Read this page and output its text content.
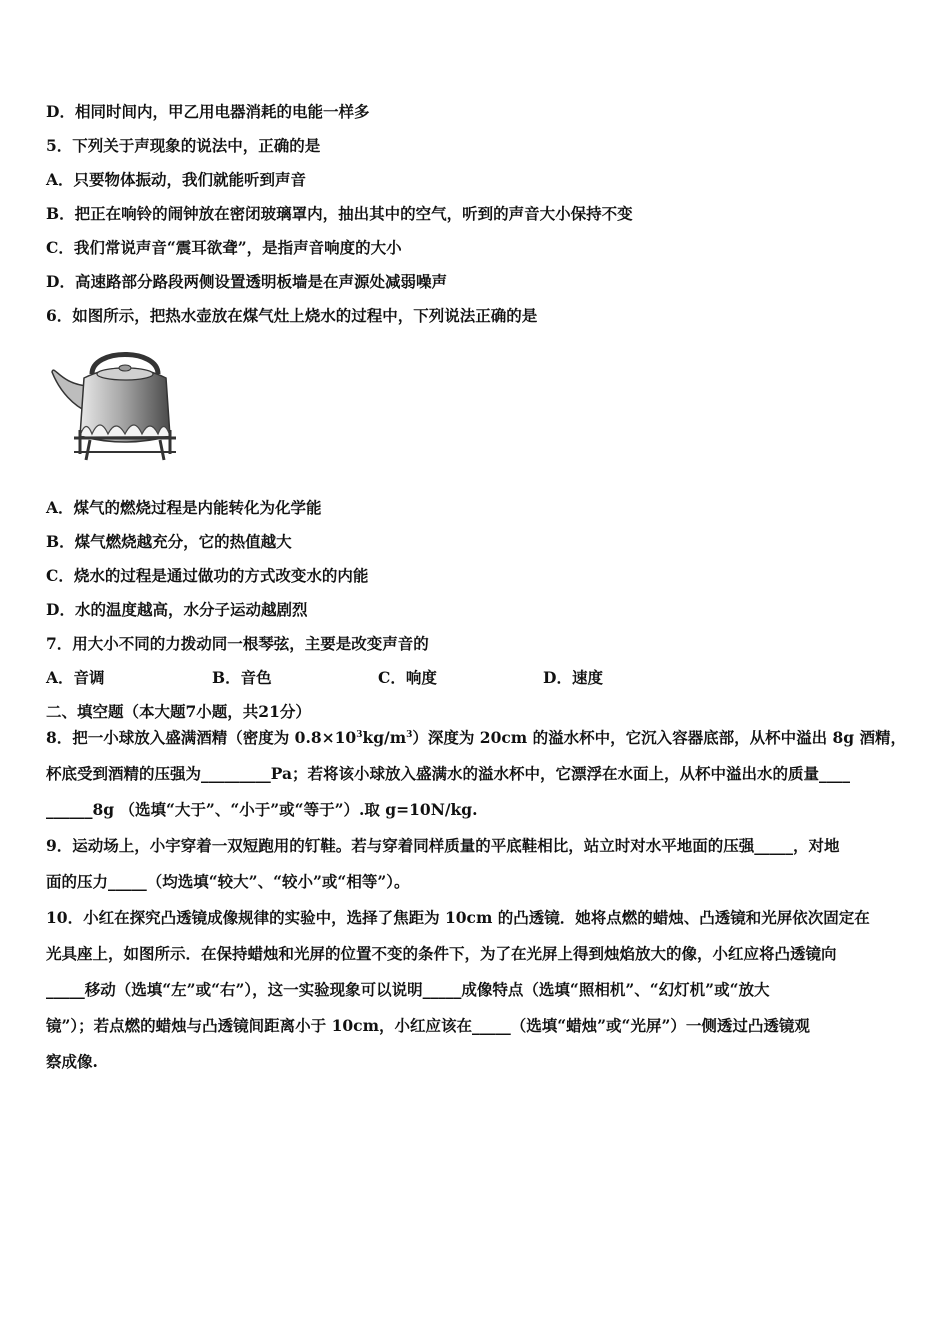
D．相同时间内，甲乙用电器消耗的电能一样多
5．下列关于声现象的说法中，正确的是
A．只要物体振动，我们就能听到声音
B．把正在响铃的闹钟放在密闭玻璃罩内，抽出其中的空气，听到的声音大小保持不变
C．我们常说声音“震耳欲聋”，是指声音响度的大小
D．高速路部分路段两侧设置透明板墙是在声源处减弱噪声
6．如图所示，把热水壶放在煤气灶上烧水的过程中，下列说法正确的是
A．煤气的燃烧过程是内能转化为化学能
B．煤气燃烧越充分，它的热值越大
C．烧水的过程是通过做功的方式改变水的内能
D．水的温度越高，水分子运动越剧烈
7．用大小不同的力拨动同一根琴弦，主要是改变声音的
A．音调	B．音色	C．响度	D．速度
二、填空题（本大题7小题，共21分）
8．把一小球放入盛满酒精（密度为 $0.8\times 10^3kg/m^3$）深度为 20cm 的溢水杯中，它沉入容器底部，从杯中溢出 8g 酒精，
杯底受到酒精的压强为_________Pa；若将该小球放入盛满水的溢水杯中，它漂浮在水面上，从杯中溢出水的质量____
______8g （选填“大于”、“小于”或“等于”）.取 g=10N/kg.
9．运动场上，小宇穿着一双短跑用的钉鞋。若与穿着同样质量的平底鞋相比，站立时对水平地面的压强_____，对地
面的压力_____（均选填“较大”、“较小”或“相等”）。
10．小红在探究凸透镜成像规律的实验中，选择了焦距为 10cm 的凸透镜．她将点燃的蜡烛、凸透镜和光屏依次固定在
光具座上，如图所示．在保持蜡烛和光屏的位置不变的条件下，为了在光屏上得到烛焰放大的像，小红应将凸透镜向
_____移动（选填“左”或“右”），这一实验现象可以说明_____成像特点（选填“照相机”、“幻灯机”或“放大
镜”）；若点燃的蜡烛与凸透镜间距离小于 10cm，小红应该在_____（选填“蜡烛”或“光屏”）一侧透过凸透镜观
察成像.
